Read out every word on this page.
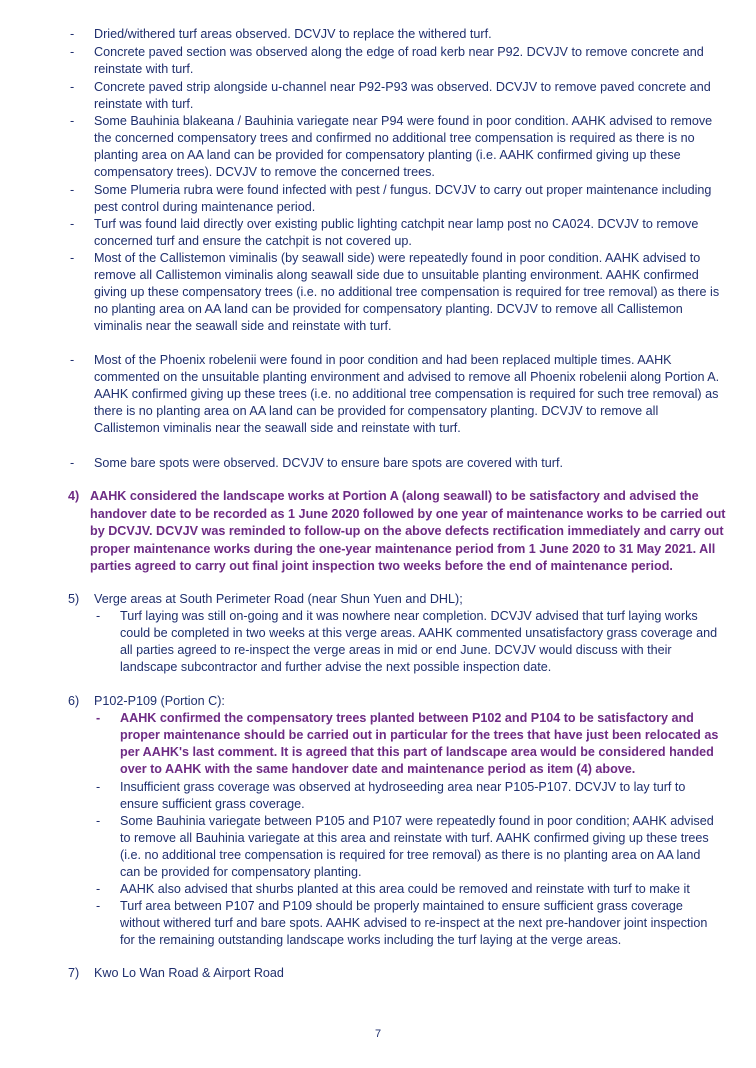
- Dried/withered turf areas observed. DCVJV to replace the withered turf.
- Concrete paved section was observed along the edge of road kerb near P92. DCVJV to remove concrete and reinstate with turf.
- Concrete paved strip alongside u-channel near P92-P93 was observed. DCVJV to remove paved concrete and reinstate with turf.
- Some Bauhinia blakeana / Bauhinia variegate near P94 were found in poor condition. AAHK advised to remove the concerned compensatory trees and confirmed no additional tree compensation is required as there is no planting area on AA land can be provided for compensatory planting (i.e. AAHK confirmed giving up these compensatory trees). DCVJV to remove the concerned trees.
- Some Plumeria rubra were found infected with pest / fungus. DCVJV to carry out proper maintenance including pest control during maintenance period.
- Turf was found laid directly over existing public lighting catchpit near lamp post no CA024. DCVJV to remove concerned turf and ensure the catchpit is not covered up.
- Most of the Callistemon viminalis (by seawall side) were repeatedly found in poor condition. AAHK advised to remove all Callistemon viminalis along seawall side due to unsuitable planting environment. AAHK confirmed giving up these compensatory trees (i.e. no additional tree compensation is required for tree removal) as there is no planting area on AA land can be provided for compensatory planting. DCVJV to remove all Callistemon viminalis near the seawall side and reinstate with turf.
- Most of the Phoenix robelenii were found in poor condition and had been replaced multiple times. AAHK commented on the unsuitable planting environment and advised to remove all Phoenix robelenii along Portion A. AAHK confirmed giving up these trees (i.e. no additional tree compensation is required for such tree removal) as there is no planting area on AA land can be provided for compensatory planting. DCVJV to remove all Callistemon viminalis near the seawall side and reinstate with turf.
- Some bare spots were observed. DCVJV to ensure bare spots are covered with turf.
4) AAHK considered the landscape works at Portion A (along seawall) to be satisfactory and advised the handover date to be recorded as 1 June 2020 followed by one year of maintenance works to be carried out by DCVJV. DCVJV was reminded to follow-up on the above defects rectification immediately and carry out proper maintenance works during the one-year maintenance period from 1 June 2020 to 31 May 2021. All parties agreed to carry out final joint inspection two weeks before the end of maintenance period.
5) Verge areas at South Perimeter Road (near Shun Yuen and DHL);
- Turf laying was still on-going and it was nowhere near completion. DCVJV advised that turf laying works could be completed in two weeks at this verge areas. AAHK commented unsatisfactory grass coverage and all parties agreed to re-inspect the verge areas in mid or end June. DCVJV would discuss with their landscape subcontractor and further advise the next possible inspection date.
6) P102-P109 (Portion C):
- AAHK confirmed the compensatory trees planted between P102 and P104 to be satisfactory and proper maintenance should be carried out in particular for the trees that have just been relocated as per AAHK's last comment. It is agreed that this part of landscape area would be considered handed over to AAHK with the same handover date and maintenance period as item (4) above.
- Insufficient grass coverage was observed at hydroseeding area near P105-P107. DCVJV to lay turf to ensure sufficient grass coverage.
- Some Bauhinia variegate between P105 and P107 were repeatedly found in poor condition; AAHK advised to remove all Bauhinia variegate at this area and reinstate with turf. AAHK confirmed giving up these trees (i.e. no additional tree compensation is required for tree removal) as there is no planting area on AA land can be provided for compensatory planting.
- AAHK also advised that shurbs planted at this area could be removed and reinstate with turf to make it
- Turf area between P107 and P109 should be properly maintained to ensure sufficient grass coverage without withered turf and bare spots. AAHK advised to re-inspect at the next pre-handover joint inspection for the remaining outstanding landscape works including the turf laying at the verge areas.
7) Kwo Lo Wan Road & Airport Road
7
